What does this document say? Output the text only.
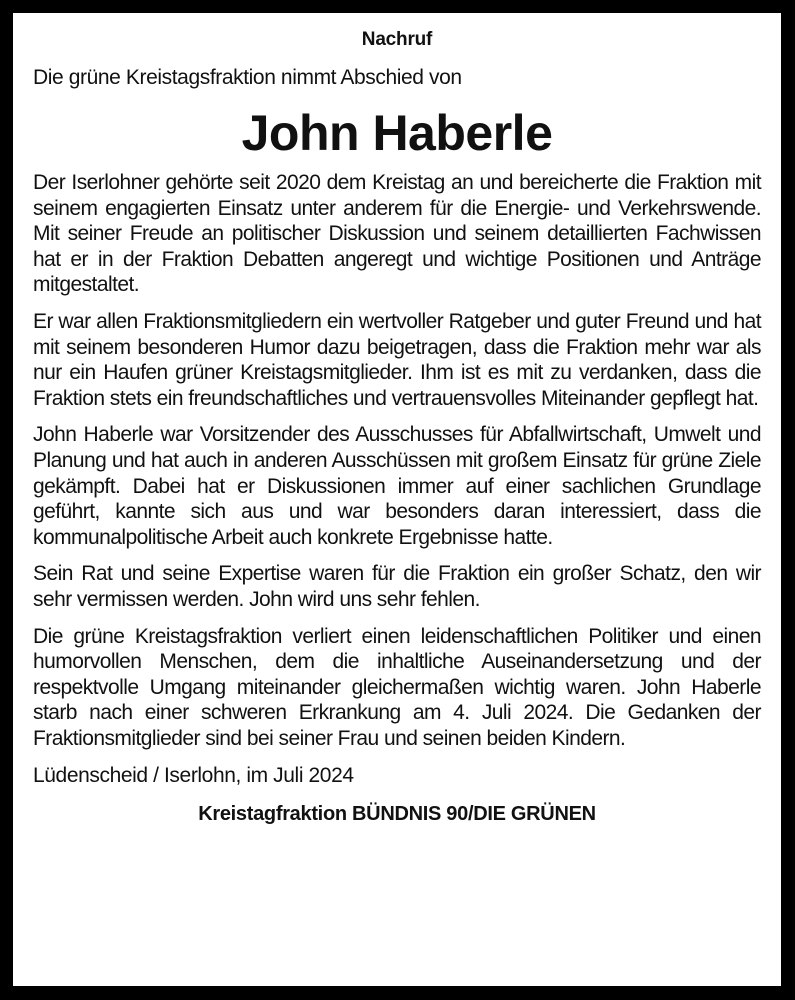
Nachruf
Die grüne Kreistagsfraktion nimmt Abschied von
John Haberle

Der Iserlohner gehörte seit 2020 dem Kreistag an und bereicherte die Fraktion mit seinem engagierten Einsatz unter anderem für die Energie- und Verkehrswende. Mit seiner Freude an politischer Diskussion und seinem detaillierten Fachwissen hat er in der Fraktion Debatten angeregt und wichtige Positionen und Anträge mitgestaltet.

Er war allen Fraktionsmitgliedern ein wertvoller Ratgeber und guter Freund und hat mit seinem besonderen Humor dazu beigetragen, dass die Fraktion mehr war als nur ein Haufen grüner Kreistagsmitglieder. Ihm ist es mit zu verdanken, dass die Fraktion stets ein freundschaftliches und vertrauensvolles Miteinander gepflegt hat.

John Haberle war Vorsitzender des Ausschusses für Abfallwirtschaft, Umwelt und Planung und hat auch in anderen Ausschüssen mit großem Einsatz für grüne Ziele gekämpft. Dabei hat er Diskussionen immer auf einer sachlichen Grundlage geführt, kannte sich aus und war besonders daran interessiert, dass die kommunalpolitische Arbeit auch konkrete Ergebnisse hatte.

Sein Rat und seine Expertise waren für die Fraktion ein großer Schatz, den wir sehr vermissen werden. John wird uns sehr fehlen.

Die grüne Kreistagsfraktion verliert einen leidenschaftlichen Politiker und einen humorvollen Menschen, dem die inhaltliche Auseinandersetzung und der respektvolle Umgang miteinander gleichermaßen wichtig waren. John Haberle starb nach einer schweren Erkrankung am 4. Juli 2024. Die Gedanken der Fraktionsmitglieder sind bei seiner Frau und seinen beiden Kindern.

Lüdenscheid / Iserlohn, im Juli 2024
Kreistagfraktion BÜNDNIS 90/DIE GRÜNEN
